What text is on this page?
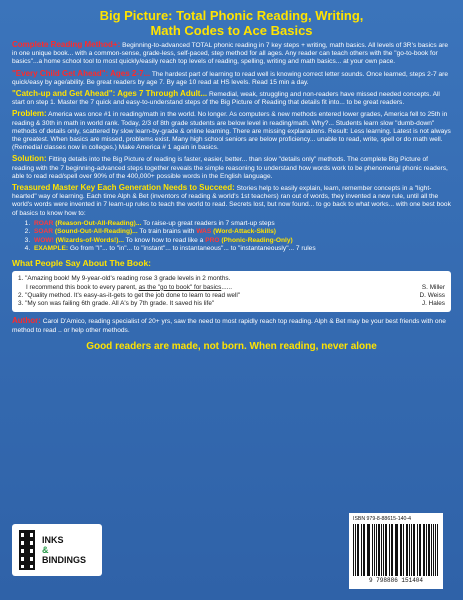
Big Picture: Total Phonic Reading, Writing,
Math Codes to Ace Basics
Complete Reading Method+: Beginning-to-advanced TOTAL phonic reading in 7 key steps + writing, math basics. All levels of 3R's basics are in one unique book... with a common-sense, grade-less, self-paced, step method for all ages. Any reader can teach others with the "go-to-book for basics"...a home school tool to most quickly/easily reach top levels of reading, spelling, writing and math basics... at your own pace.
"Every Child Get Ahead": Ages 2-7... The hardest part of learning to read well is knowing correct letter sounds. Once learned, steps 2-7 are quick/easy by age/ability. Be great readers by age 7. By age 10 read at HS levels. Read 15 min a day.
"Catch-up and Get Ahead": Ages 7 Through Adult... Remedial, weak, struggling and non-readers have missed needed concepts. All start on step 1. Master the 7 quick and easy-to-understand steps of the Big Picture of Reading that details fit into... to be great readers.
Problem: America was once #1 in reading/math in the world. No longer. As computers & new methods entered lower grades, America fell to 25th in reading & 30th in math in world rank. Today, 2/3 of 8th grade students are below level in reading/math. Why?... Students learn slow "dumb-down" methods of details only, scattered by slow learn-by-grade & online learning. There are missing explanations. Result: Less learning. Latest is not always the greatest. When basics are missed, problems exist. Many high school seniors are below proficiency... unable to read, write, spell or do math well. (Remedial classes now in colleges.) Make America # 1 again in basics.
Solution: Fitting details into the Big Picture of reading is faster, easier, better... than slow "details only" methods. The complete Big Picture of reading with the 7 beginning-advanced steps together reveals the simple reasoning to understand how words work to be phenomenal phonic readers, able to read read/spell over 90% of the 400,000+ possible words in the English language.
Treasured Master Key Each Generation Needs to Succeed: Stories help to easily explain, learn, remember concepts in a "light-hearted" way of learning. Each time Alph & Bet (inventors of reading & world's 1st teachers) ran out of words, they invented a new rule, until all the world's words were invented in 7 learn-up rules to teach the world to read. Secrets lost, but now found... to go back to what works... with one best book of basics to know how to:
1. ROAR (Reason-Out-All-Reading)... To raise-up great readers in 7 smart-up steps
2. SOAR (Sound-Out-All-Reading)... To train brains with WAS (Word-Attack-Skills)
3. WOW! (Wizards-of-Words!)... To know how to read like a PRO (Phonic-Reading-Only)
4. EXAMPLE: Go from "I"... to "in"... to "instant"... to instantaneous"... to "instantaneously"... 7 rules
What People Say About The Book:
1. "Amazing book! My 9-year-old's reading rose 3 grade levels in 2 months.
I recommend this book to every parent, as the "go to book" for basics......	S. Miller
2. "Quality method. It's easy-as-it-gets to get the job done to learn to read well"	D. Weiss
3. "My son was failing 6th grade. All A's by 7th grade. It saved his life"	J. Hales
Author: Carol D'Amico, reading specialist of 20+ yrs, saw the need to most rapidly reach top reading. Alph & Bet may be your best friends with one method to read .. or help other methods.
Good readers are made, not born. When reading, never alone
INKS
&
BINDINGS
ISBN 979-8-88615-140-4
9 798886 151404
